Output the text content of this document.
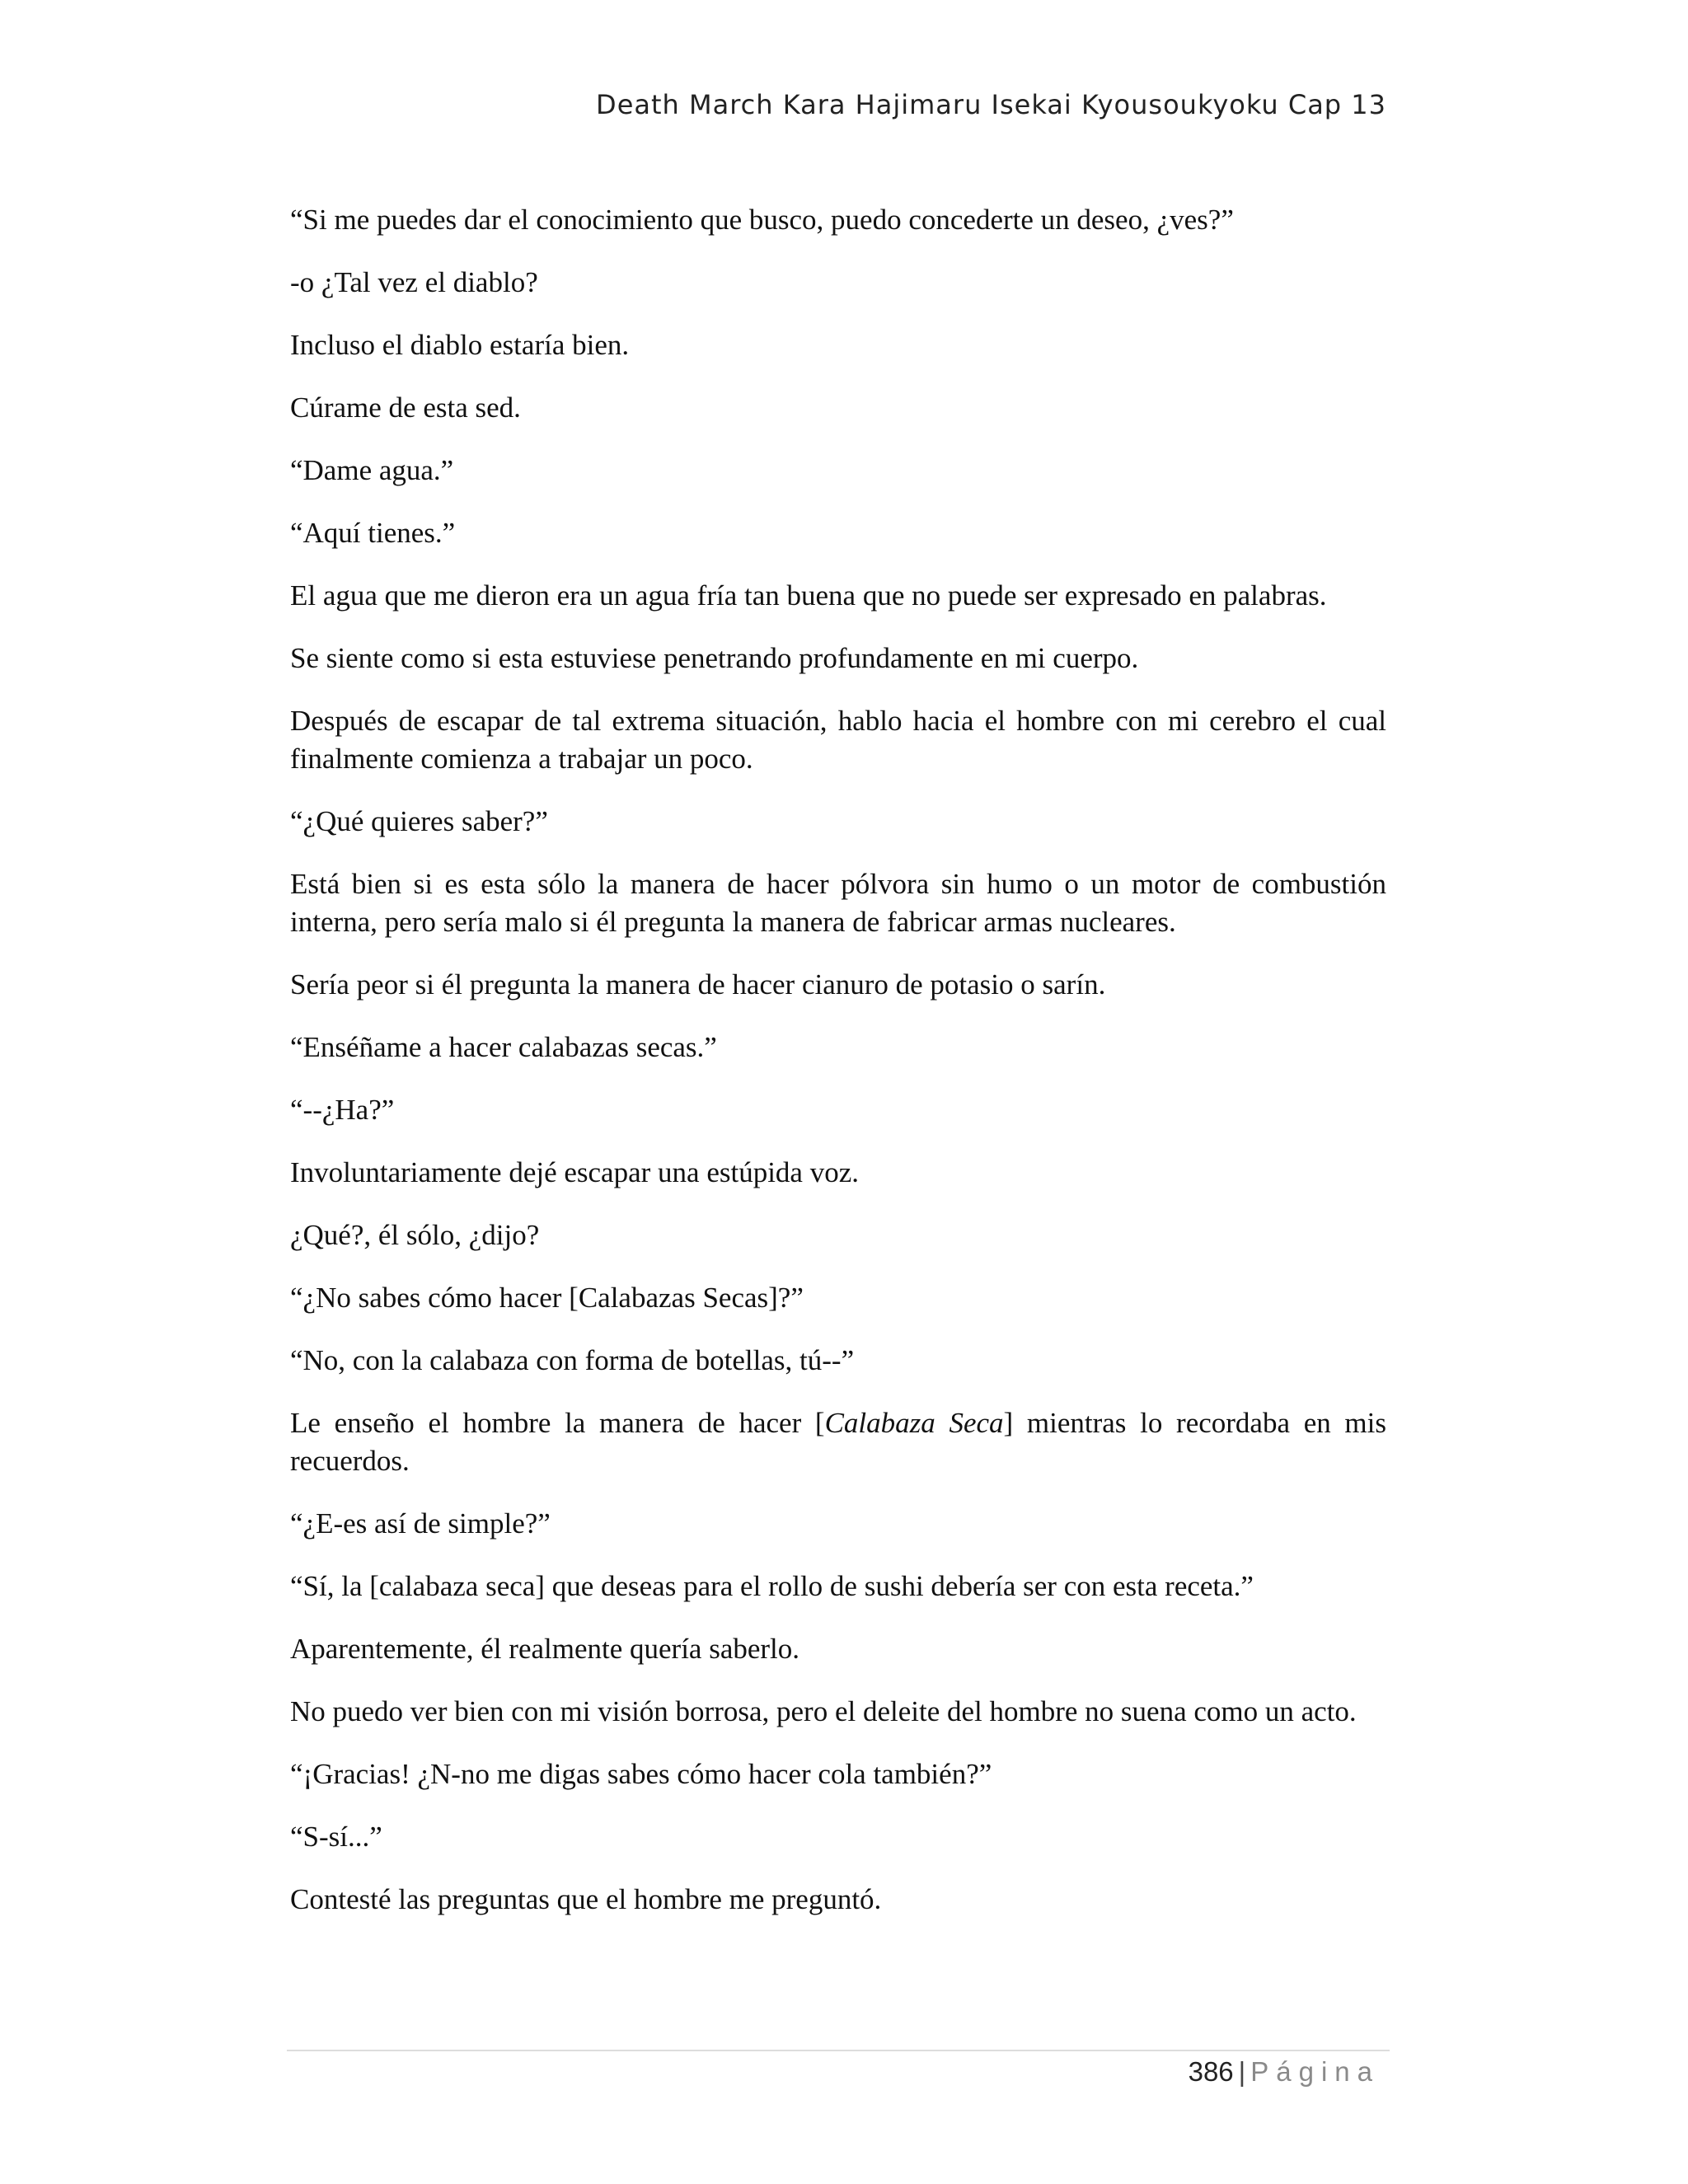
Death March Kara Hajimaru Isekai Kyousoukyoku Cap 13

“Si me puedes dar el conocimiento que busco, puedo concederte un deseo, ¿ves?”

-o ¿Tal vez el diablo?

Incluso el diablo estaría bien.

Cúrame de esta sed.

“Dame agua.”

“Aquí tienes.”

El agua que me dieron era un agua fría tan buena que no puede ser expresado en palabras.

Se siente como si esta estuviese penetrando profundamente en mi cuerpo.

Después de escapar de tal extrema situación, hablo hacia el hombre con mi cerebro el cual finalmente comienza a trabajar un poco.

“¿Qué quieres saber?”

Está bien si es esta sólo la manera de hacer pólvora sin humo o un motor de combustión interna, pero sería malo si él pregunta la manera de fabricar armas nucleares.

Sería peor si él pregunta la manera de hacer cianuro de potasio o sarín.

“Enséñame a hacer calabazas secas.”

“--¿Ha?”

Involuntariamente dejé escapar una estúpida voz.

¿Qué?, él sólo, ¿dijo?

“¿No sabes cómo hacer [Calabazas Secas]?”

“No, con la calabaza con forma de botellas, tú--”

Le enseño el hombre la manera de hacer [Calabaza Seca] mientras lo recordaba en mis recuerdos.

“¿E-es así de simple?”

“Sí, la [calabaza seca] que deseas para el rollo de sushi debería ser con esta receta.”

Aparentemente, él realmente quería saberlo.

No puedo ver bien con mi visión borrosa, pero el deleite del hombre no suena como un acto.

“¡Gracias! ¿N-no me digas sabes cómo hacer cola también?”

“S-sí...”

Contesté las preguntas que el hombre me preguntó.

386 | Página
